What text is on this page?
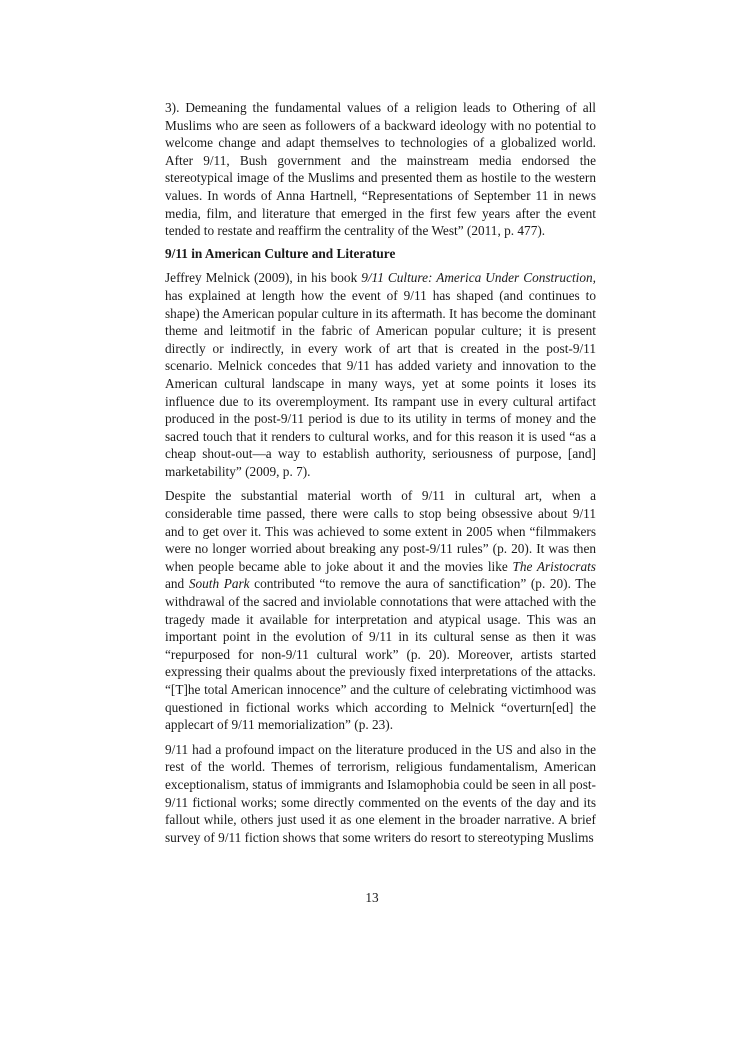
3). Demeaning the fundamental values of a religion leads to Othering of all Muslims who are seen as followers of a backward ideology with no potential to welcome change and adapt themselves to technologies of a globalized world. After 9/11, Bush government and the mainstream media endorsed the stereotypical image of the Muslims and presented them as hostile to the western values. In words of Anna Hartnell, “Representations of September 11 in news media, film, and literature that emerged in the first few years after the event tended to restate and reaffirm the centrality of the West” (2011, p. 477).

9/11 in American Culture and Literature

Jeffrey Melnick (2009), in his book 9/11 Culture: America Under Construction, has explained at length how the event of 9/11 has shaped (and continues to shape) the American popular culture in its aftermath. It has become the dominant theme and leitmotif in the fabric of American popular culture; it is present directly or indirectly, in every work of art that is created in the post-9/11 scenario. Melnick concedes that 9/11 has added variety and innovation to the American cultural landscape in many ways, yet at some points it loses its influence due to its overemployment. Its rampant use in every cultural artifact produced in the post-9/11 period is due to its utility in terms of money and the sacred touch that it renders to cultural works, and for this reason it is used “as a cheap shout-out—a way to establish authority, seriousness of purpose, [and] marketability” (2009, p. 7).

Despite the substantial material worth of 9/11 in cultural art, when a considerable time passed, there were calls to stop being obsessive about 9/11 and to get over it. This was achieved to some extent in 2005 when “filmmakers were no longer worried about breaking any post-9/11 rules” (p. 20). It was then when people became able to joke about it and the movies like The Aristocrats and South Park contributed “to remove the aura of sanctification” (p. 20). The withdrawal of the sacred and inviolable connotations that were attached with the tragedy made it available for interpretation and atypical usage. This was an important point in the evolution of 9/11 in its cultural sense as then it was “repurposed for non-9/11 cultural work” (p. 20). Moreover, artists started expressing their qualms about the previously fixed interpretations of the attacks. “[T]he total American innocence” and the culture of celebrating victimhood was questioned in fictional works which according to Melnick “overturn[ed] the applecart of 9/11 memorialization” (p. 23).

9/11 had a profound impact on the literature produced in the US and also in the rest of the world. Themes of terrorism, religious fundamentalism, American exceptionalism, status of immigrants and Islamophobia could be seen in all post-9/11 fictional works; some directly commented on the events of the day and its fallout while, others just used it as one element in the broader narrative. A brief survey of 9/11 fiction shows that some writers do resort to stereotyping Muslims

13
